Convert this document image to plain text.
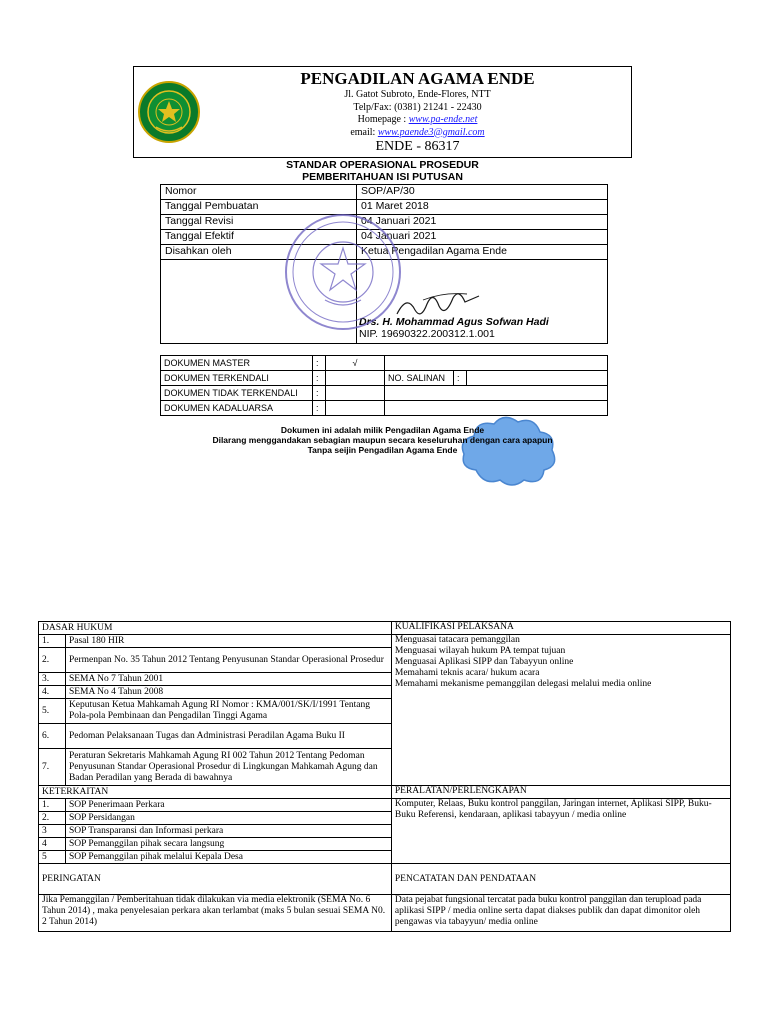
PENGADILAN AGAMA ENDE
Jl. Gatot Subroto, Ende-Flores, NTT
Telp/Fax: (0381) 21241 - 22430
Homepage : www.pa-ende.net
email: www.paende3@gmail.com
ENDE - 86317
STANDAR OPERASIONAL PROSEDUR
PEMBERITAHUAN ISI PUTUSAN
Nomor	SOP/AP/30
Tanggal Pembuatan	01 Maret 2018
Tanggal Revisi	04 Januari 2021
Tanggal Efektif	04 Januari 2021
Disahkan oleh	Ketua Pengadilan Agama Ende

	Drs. H. Mohammad Agus Sofwan Hadi
NIP. 19690322.200312.1.001
DOKUMEN MASTER	:	√			
DOKUMEN TERKENDALI	:		NO. SALINAN	:	
DOKUMEN TIDAK TERKENDALI	:				
DOKUMEN KADALUARSA	:				
Dokumen ini adalah milik Pengadilan Agama Ende
Dilarang menggandakan sebagian maupun secara keseluruhan dengan cara apapun
Tanpa seijin Pengadilan Agama Ende
DASAR HUKUM		KUALIFIKASI PELAKSANA
1.	Pasal 180 HIR	Menguasai tatacara pemanggilan
Menguasai wilayah hukum PA tempat tujuan
Menguasai Aplikasi SIPP dan Tabayyun online
Memahami teknis acara/ hukum acara
Memahami mekanisme pemanggilan delegasi melalui media online

2.	Permenpan No. 35 Tahun 2012 Tentang Penyusunan Standar Operasional Prosedur	
3.	SEMA No 7 Tahun 2001	
4.	SEMA No 4 Tahun 2008	
5.	Keputusan Ketua Mahkamah Agung RI Nomor : KMA/001/SK/I/1991 Tentang Pola-pola Pembinaan dan Pengadilan Tinggi Agama	
6.	Pedoman Pelaksanaan Tugas dan Administrasi Peradilan Agama Buku II	
7.	Peraturan Sekretaris Mahkamah Agung RI 002 Tahun 2012 Tentang Pedoman Penyusunan Standar Operasional Prosedur di Lingkungan Mahkamah Agung dan Badan Peradilan yang Berada di bawahnya	
KETERKAITAN		PERALATAN/PERLENGKAPAN
1.	SOP Penerimaan Perkara	Komputer, Relaas, Buku kontrol panggilan, Jaringan internet, Aplikasi SIPP, Buku-Buku Referensi, kendaraan, aplikasi tabayyun / media online
2.	SOP Persidangan	
3	SOP Transparansi dan Informasi perkara	
4	SOP Pemanggilan pihak secara langsung	
5	SOP Pemanggilan pihak melalui Kepala Desa	
PERINGATAN		PENCATATAN DAN PENDATAAN
Jika Pemanggilan / Pemberitahuan tidak dilakukan via media elektronik (SEMA No. 6 Tahun 2014) , maka penyelesaian perkara akan terlambat (maks 5 bulan sesuai SEMA N0. 2 Tahun 2014)		Data pejabat fungsional tercatat pada buku kontrol panggilan dan terupload pada aplikasi SIPP / media online serta dapat diakses publik dan dapat dimonitor oleh pengawas via tabayyun/ media online
